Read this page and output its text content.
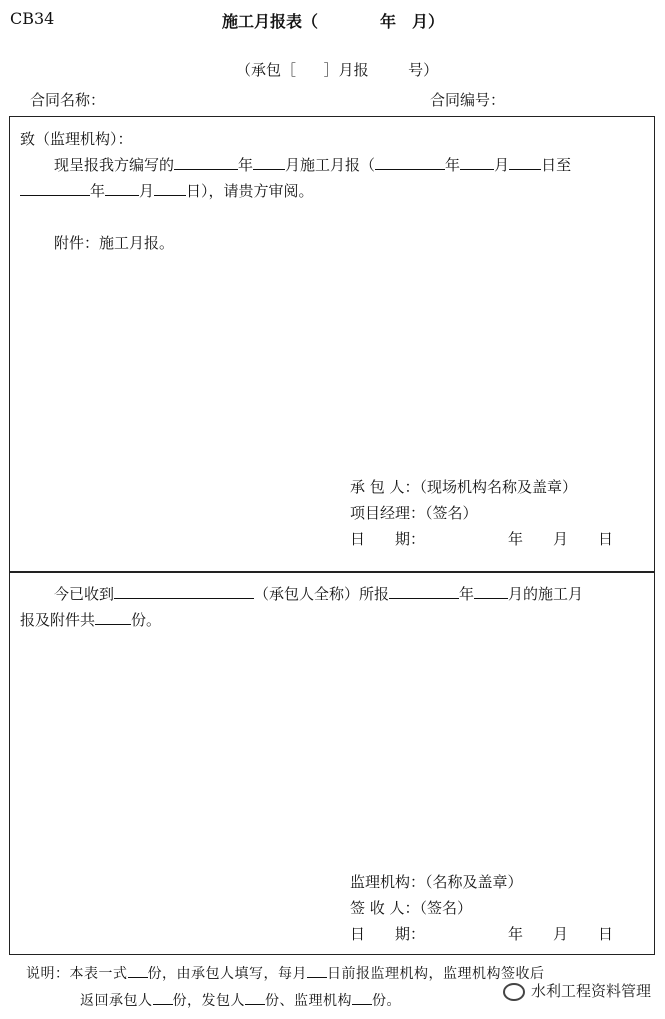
CB34	施工月报表（	年　月）
（承包［ ］月报	号）
合同名称：	合同编号：
致（监理机构）：
现呈报我方编写的	年 月施工月报（	年 月 日至
年 月 日），请贵方审阅。
附件：施工月报。
承 包 人：（现场机构名称及盖章）
项目经理：（签名）
日　　期：	年　　月　　日
今已收到	（承包人全称）所报	年 月的施工月
报及附件共 份。
监理机构：（名称及盖章）
签 收 人：（签名）
日　　期：	年　　月　　日
说明：本表一式 份，由承包人填写，每月 日前报监理机构，监理机构签收后
返回承包人 份，发包人 份、监理机构 份。
水利工程资料管理
